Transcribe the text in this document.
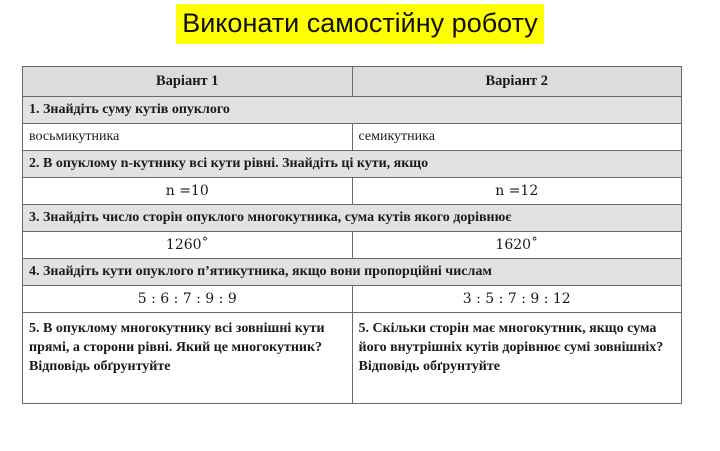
Виконати самостійну роботу
Варіант 1	Варіант 2
1. Знайдіть суму кутів опуклого	
восьмикутника	семикутника
2. В опуклому n-кутнику всі кути рівні. Знайдіть ці кути, якщо	
n =10	n =12
3. Знайдіть число сторін опуклого многокутника, сума кутів якого дорівнює	
1260˚	1620˚
4. Знайдіть кути опуклого п’ятикутника, якщо вони пропорційні числам	
5 : 6 : 7 : 9 : 9	3 : 5 : 7 : 9 : 12
5. В опуклому многокутнику всі зовнішні кути прямі, а сторони рівні. Який це многокутник? Відповідь обґрунтуйте	5. Скільки сторін має многокутник, якщо сума його внутрішніх кутів дорівнює сумі зовнішніх? Відповідь обґрунтуйте
